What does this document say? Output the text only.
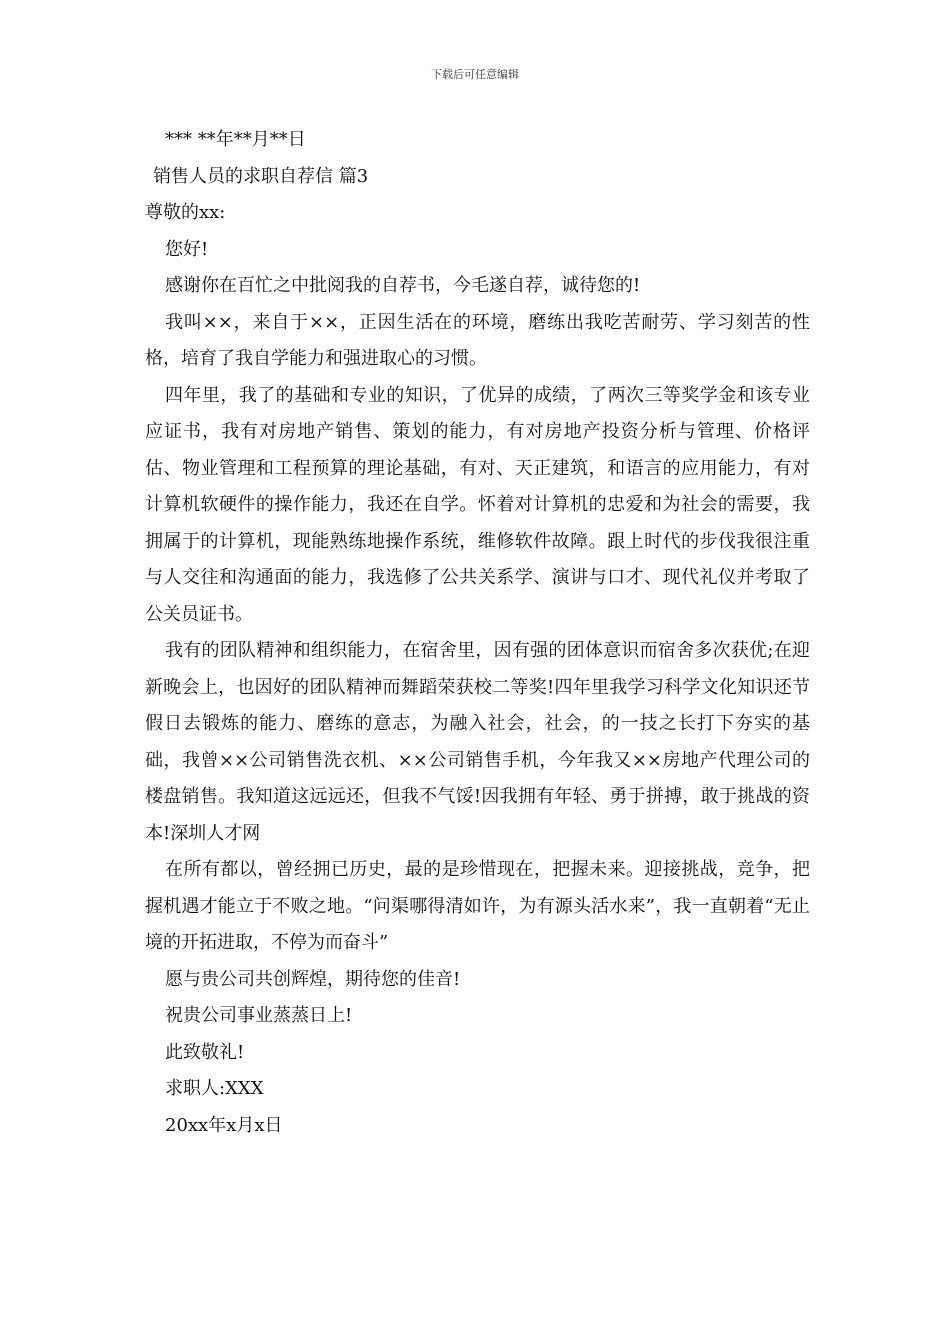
下载后可任意编辑

*** **年**月**日

销售人员的求职自荐信 篇3

尊敬的xx:

您好!

感谢你在百忙之中批阅我的自荐书，今毛遂自荐，诚待您的!

我叫××，来自于××，正因生活在的环境，磨练出我吃苦耐劳、学习刻苦的性格，培育了我自学能力和强进取心的习惯。

四年里，我了的基础和专业的知识，了优异的成绩，了两次三等奖学金和该专业应证书，我有对房地产销售、策划的能力，有对房地产投资分析与管理、价格评估、物业管理和工程预算的理论基础，有对、天正建筑，和语言的应用能力，有对计算机软硬件的操作能力，我还在自学。怀着对计算机的忠爱和为社会的需要，我拥属于的计算机，现能熟练地操作系统，维修软件故障。跟上时代的步伐我很注重与人交往和沟通面的能力，我选修了公共关系学、演讲与口才、现代礼仪并考取了公关员证书。

我有的团队精神和组织能力，在宿舍里，因有强的团体意识而宿舍多次获优;在迎新晚会上，也因好的团队精神而舞蹈荣获校二等奖!四年里我学习科学文化知识还节假日去锻炼的能力、磨练的意志，为融入社会，社会，的一技之长打下夯实的基础，我曾××公司销售洗衣机、××公司销售手机，今年我又××房地产代理公司的楼盘销售。我知道这远远还，但我不气馁!因我拥有年轻、勇于拼搏，敢于挑战的资本!深圳人才网

在所有都以，曾经拥已历史，最的是珍惜现在，把握未来。迎接挑战，竞争，把握机遇才能立于不败之地。“问渠哪得清如许，为有源头活水来”，我一直朝着“无止境的开拓进取，不停为而奋斗”

愿与贵公司共创辉煌，期待您的佳音!

祝贵公司事业蒸蒸日上!

此致敬礼!

求职人:XXX

20xx年x月x日
